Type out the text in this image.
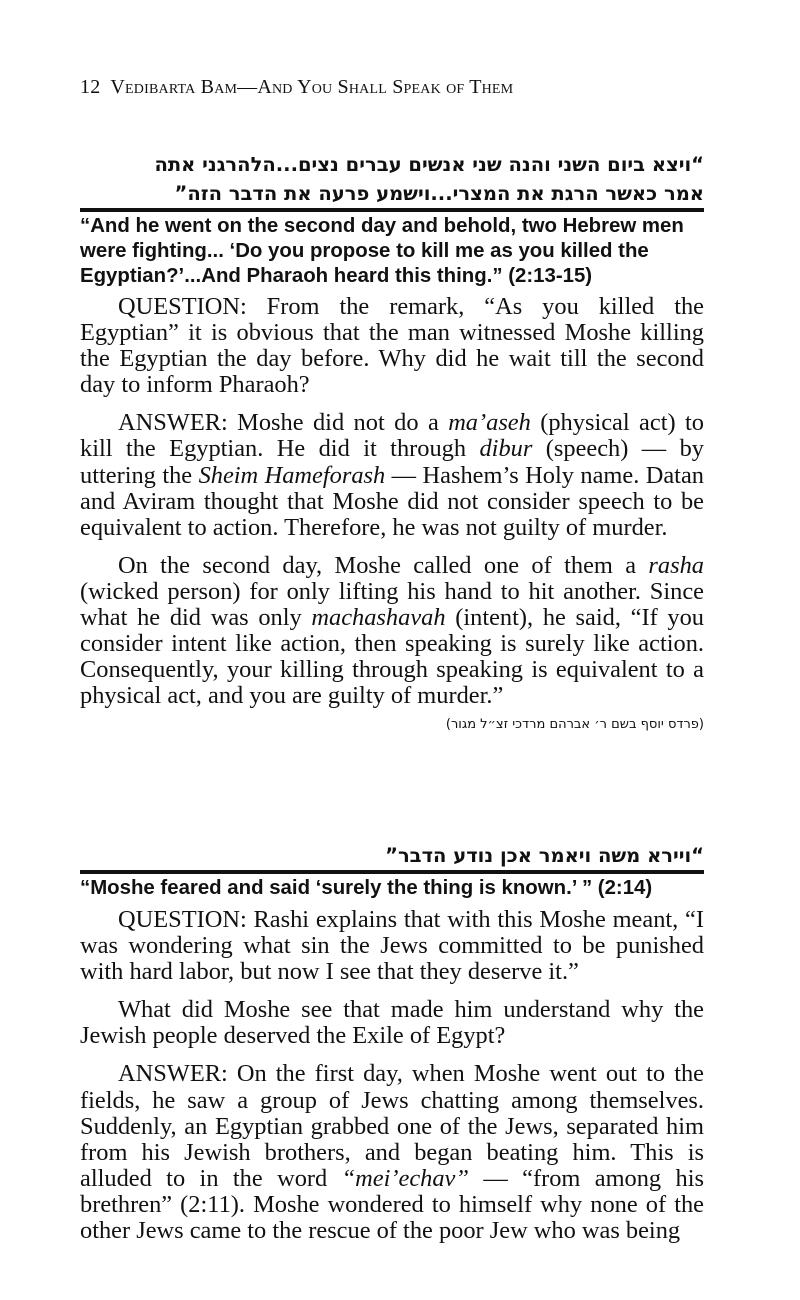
12 Vedibarta Bam—And You Shall Speak of Them
“ויצא ביום השני והנה שני אנשים עברים נצים...הלהרגני אתה
אמר כאשר הרגת את המצרי...וישמע פרעה את הדבר הזה”
“And he went on the second day and behold, two Hebrew men were fighting... ‘Do you propose to kill me as you killed the Egyptian?’...And Pharaoh heard this thing.” (2:13-15)

QUESTION: From the remark, “As you killed the Egyptian” it is obvious that the man witnessed Moshe killing the Egyptian the day before. Why did he wait till the second day to inform Pharaoh?

ANSWER: Moshe did not do a ma’aseh (physical act) to kill the Egyptian. He did it through dibur (speech) — by uttering the Sheim Hameforash — Hashem’s Holy name. Datan and Aviram thought that Moshe did not consider speech to be equivalent to action. Therefore, he was not guilty of murder.

On the second day, Moshe called one of them a rasha (wicked person) for only lifting his hand to hit another. Since what he did was only machashavah (intent), he said, “If you consider intent like action, then speaking is surely like action. Consequently, your killing through speaking is equivalent to a physical act, and you are guilty of murder.”

(פרדס יוסף בשם ר׳ אברהם מרדכי זצ״ל מגור)
“ויירא משה ויאמר אכן נודע הדבר”
“Moshe feared and said ‘surely the thing is known.’ ” (2:14)

QUESTION: Rashi explains that with this Moshe meant, “I was wondering what sin the Jews committed to be punished with hard labor, but now I see that they deserve it.”

What did Moshe see that made him understand why the Jewish people deserved the Exile of Egypt?

ANSWER: On the first day, when Moshe went out to the fields, he saw a group of Jews chatting among themselves. Suddenly, an Egyptian grabbed one of the Jews, separated him from his Jewish brothers, and began beating him. This is alluded to in the word “mei’echav” — “from among his brethren” (2:11). Moshe wondered to himself why none of the other Jews came to the rescue of the poor Jew who was being
